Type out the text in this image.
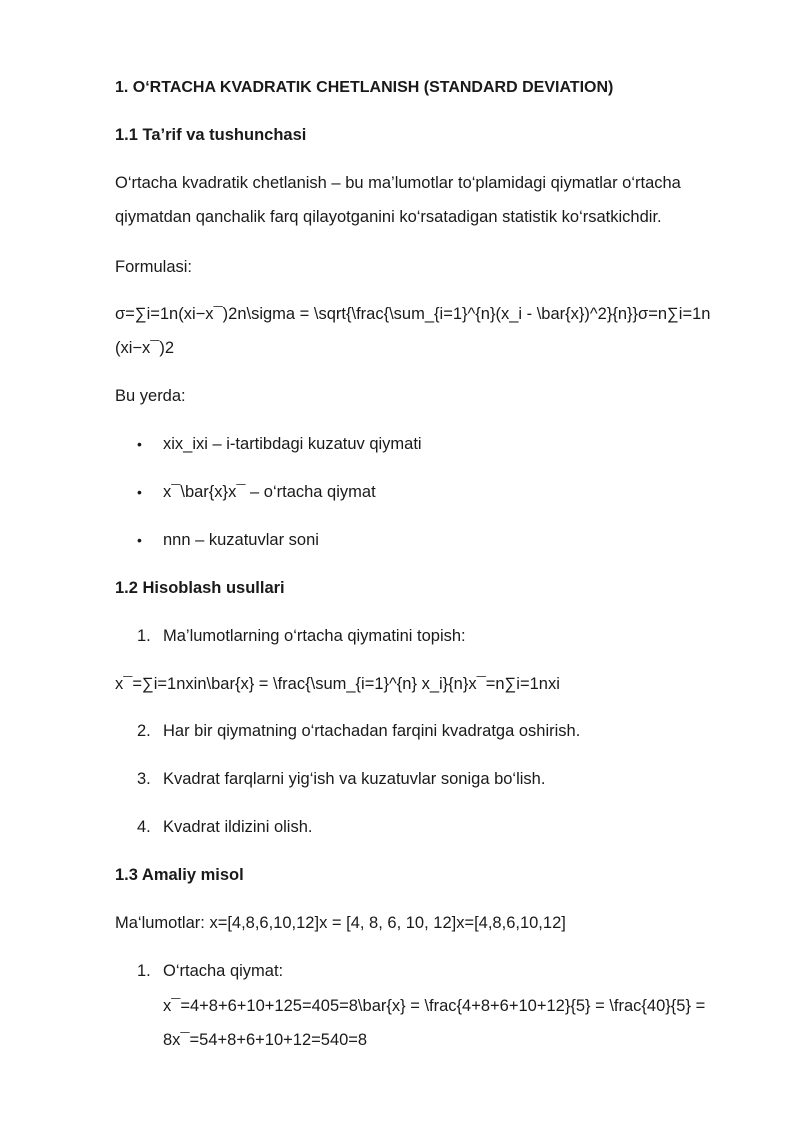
1. O‘RTACHA KVADRATIK CHETLANISH (STANDARD DEVIATION)
1.1 Ta’rif va tushunchasi
O‘rtacha kvadratik chetlanish – bu ma’lumotlar to‘plamidagi qiymatlar o‘rtacha
qiymatdan qanchalik farq qilayotganini ko‘rsatadigan statistik ko‘rsatkichdir.
Formulasi:
σ=∑i=1n(xi−x¯)2n\sigma = \sqrt{\frac{\sum_{i=1}^{n}(x_i - \bar{x})^2}{n}}σ=n∑i=1n
(xi−x¯)2
Bu yerda:
• xix_ixi – i-tartibdagi kuzatuv qiymati
• x¯\bar{x}x¯ – o‘rtacha qiymat
• nnn – kuzatuvlar soni
1.2 Hisoblash usullari
1. Ma’lumotlarning o‘rtacha qiymatini topish:
x¯=∑i=1nxin\bar{x} = \frac{\sum_{i=1}^{n} x_i}{n}x¯=n∑i=1nxi
2. Har bir qiymatning o‘rtachadan farqini kvadratga oshirish.
3. Kvadrat farqlarni yig‘ish va kuzatuvlar soniga bo‘lish.
4. Kvadrat ildizini olish.
1.3 Amaliy misol
Ma‘lumotlar: x=[4,8,6,10,12]x = [4, 8, 6, 10, 12]x=[4,8,6,10,12]
1. O‘rtacha qiymat:
x¯=4+8+6+10+125=405=8\bar{x} = \frac{4+8+6+10+12}{5} = \frac{40}{5} =
8x¯=54+8+6+10+12=540=8
